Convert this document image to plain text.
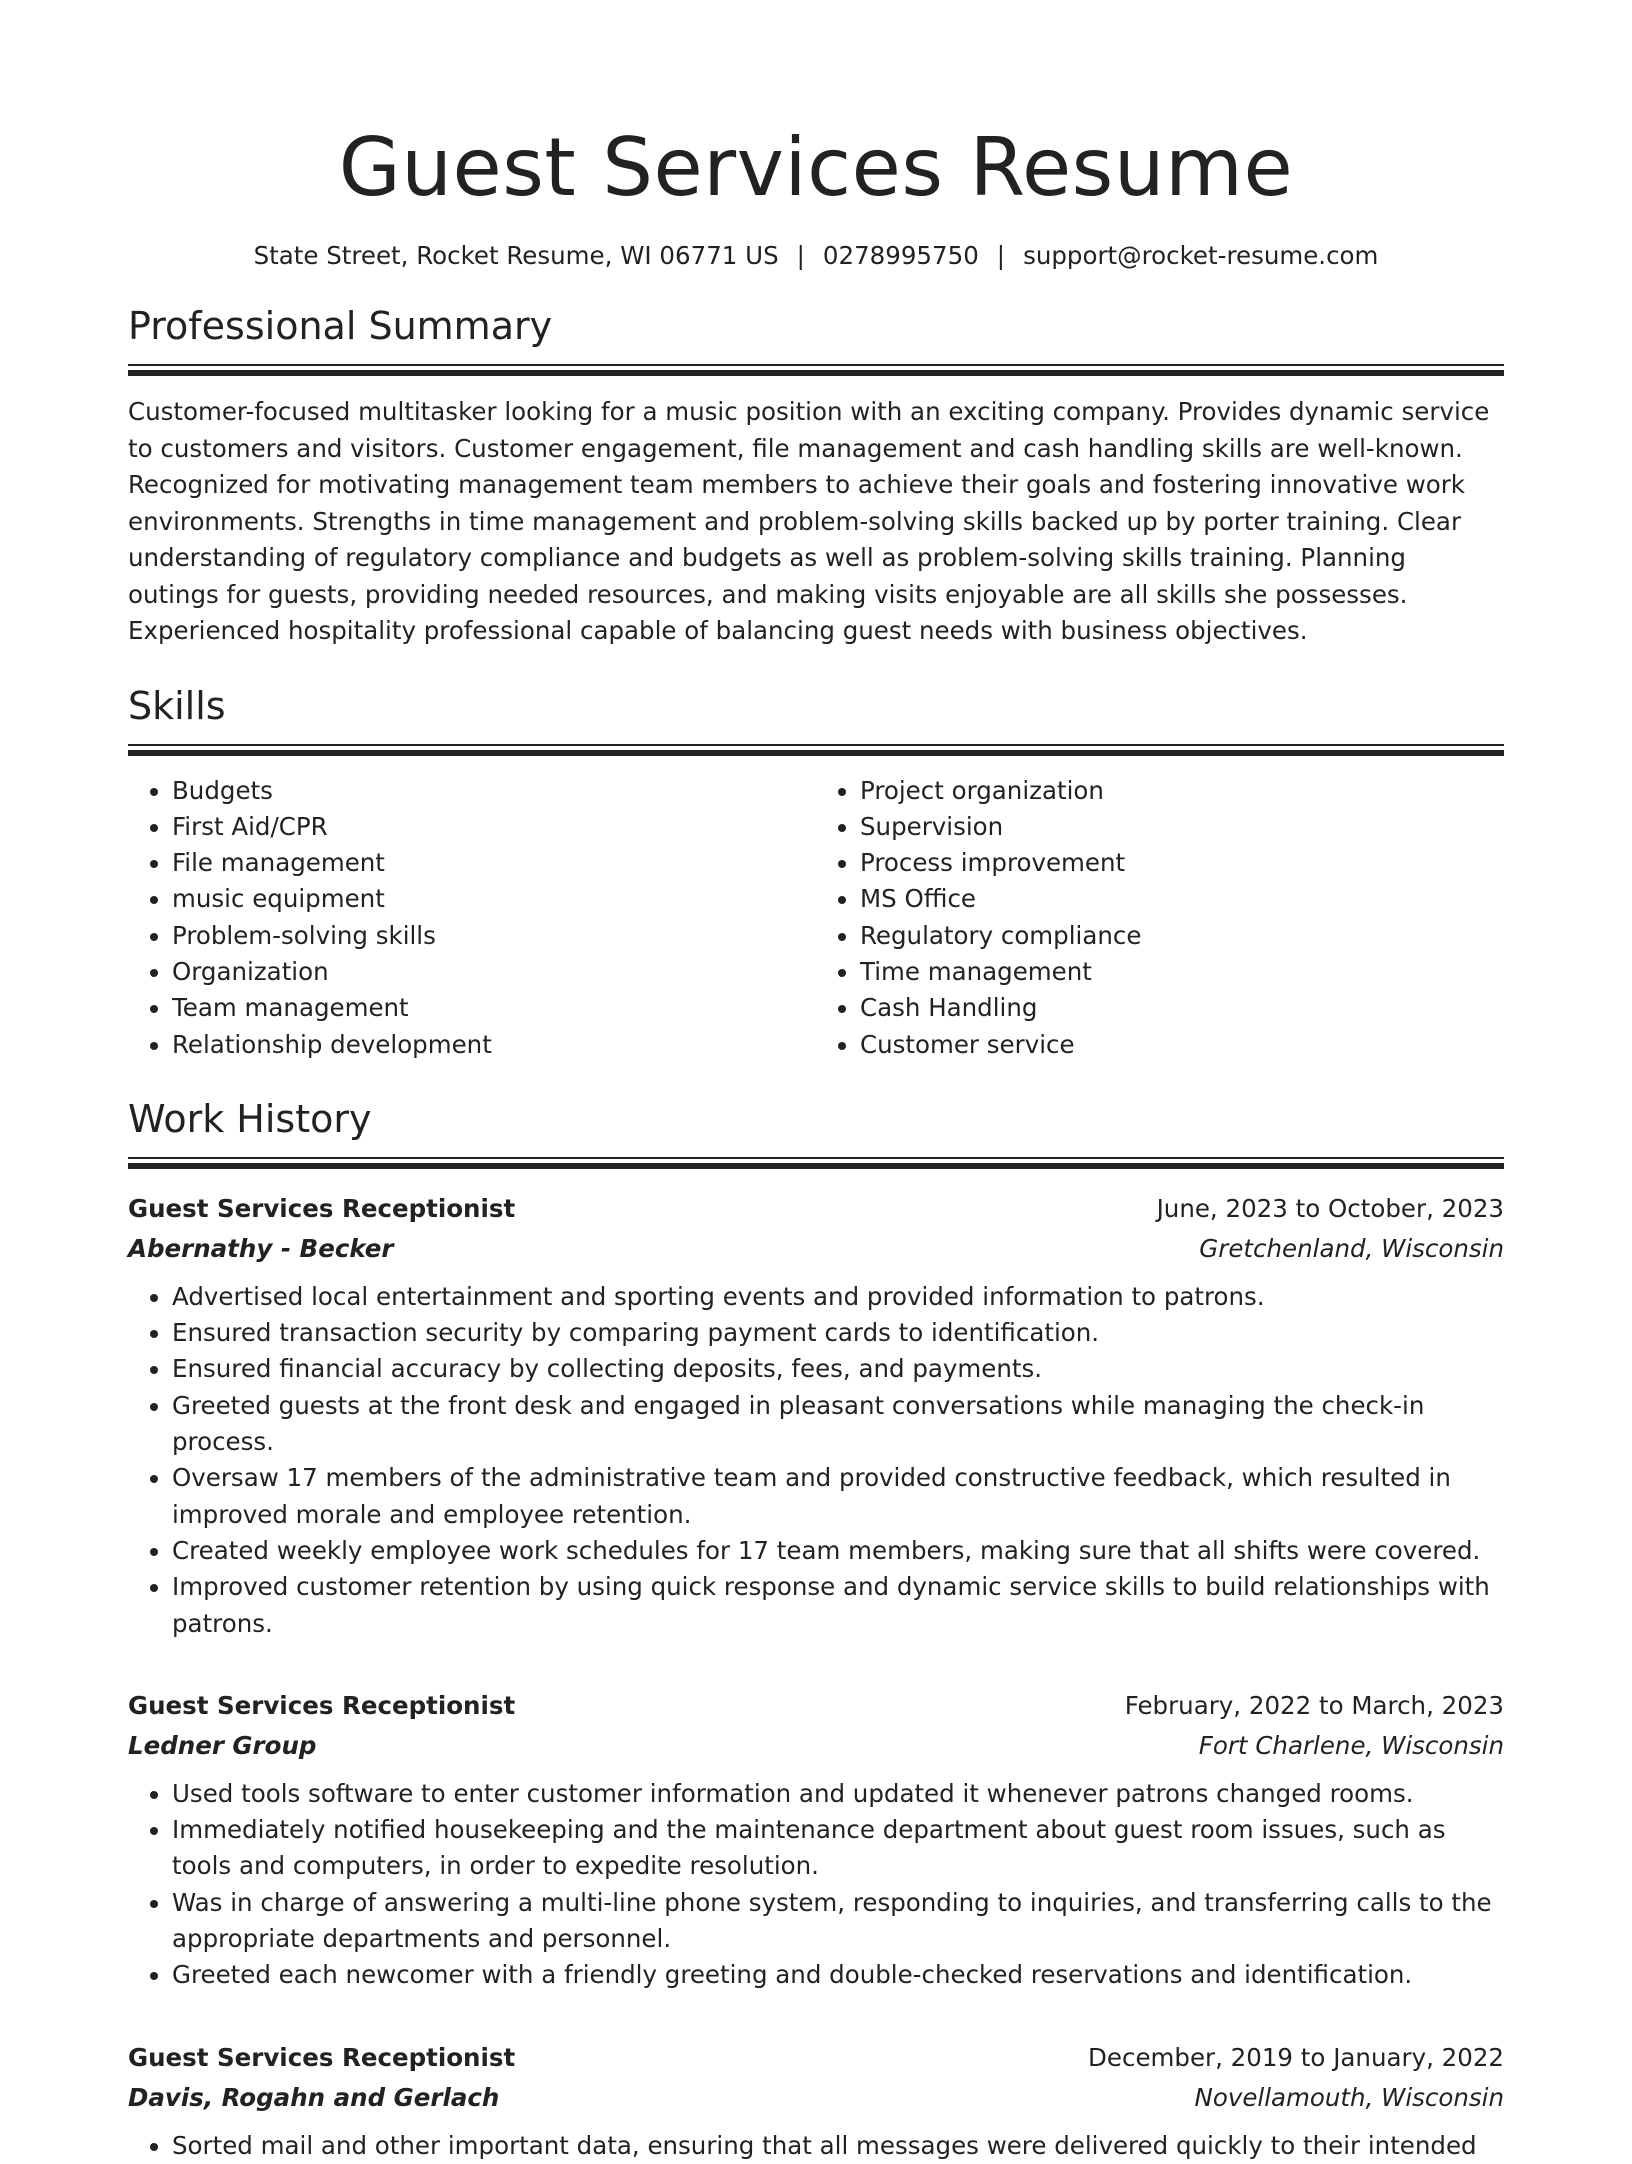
Guest Services Resume
State Street, Rocket Resume, WI 06771 US | 0278995750 | support@rocket-resume.com
Professional Summary

Customer-focused multitasker looking for a music position with an exciting company. Provides dynamic service to customers and visitors. Customer engagement, file management and cash handling skills are well-known. Recognized for motivating management team members to achieve their goals and fostering innovative work environments. Strengths in time management and problem-solving skills backed up by porter training. Clear understanding of regulatory compliance and budgets as well as problem-solving skills training. Planning outings for guests, providing needed resources, and making visits enjoyable are all skills she possesses. Experienced hospitality professional capable of balancing guest needs with business objectives.

Skills
• Budgets
• First Aid/CPR
• File management
• music equipment
• Problem-solving skills
• Organization
• Team management
• Relationship development
• Project organization
• Supervision
• Process improvement
• MS Office
• Regulatory compliance
• Time management
• Cash Handling
• Customer service
Work History
Guest Services Receptionist	June, 2023 to October, 2023
Abernathy - Becker	Gretchenland, Wisconsin
• Advertised local entertainment and sporting events and provided information to patrons.
• Ensured transaction security by comparing payment cards to identification.
• Ensured financial accuracy by collecting deposits, fees, and payments.
• Greeted guests at the front desk and engaged in pleasant conversations while managing the check-in process.
• Oversaw 17 members of the administrative team and provided constructive feedback, which resulted in improved morale and employee retention.
• Created weekly employee work schedules for 17 team members, making sure that all shifts were covered.
• Improved customer retention by using quick response and dynamic service skills to build relationships with patrons.
Guest Services Receptionist	February, 2022 to March, 2023
Ledner Group	Fort Charlene, Wisconsin
• Used tools software to enter customer information and updated it whenever patrons changed rooms.
• Immediately notified housekeeping and the maintenance department about guest room issues, such as tools and computers, in order to expedite resolution.
• Was in charge of answering a multi-line phone system, responding to inquiries, and transferring calls to the appropriate departments and personnel.
• Greeted each newcomer with a friendly greeting and double-checked reservations and identification.
Guest Services Receptionist	December, 2019 to January, 2022
Davis, Rogahn and Gerlach	Novellamouth, Wisconsin
• Sorted mail and other important data, ensuring that all messages were delivered quickly to their intended
